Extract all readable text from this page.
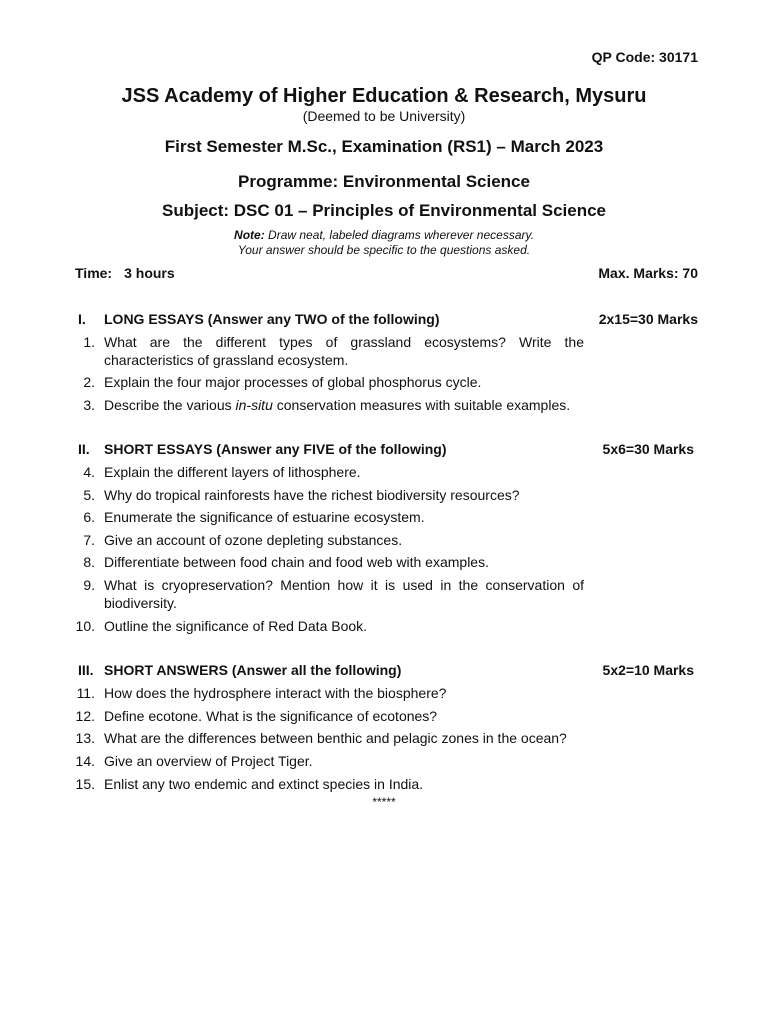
QP Code: 30171
JSS Academy of Higher Education & Research, Mysuru
(Deemed to be University)
First Semester M.Sc., Examination (RS1) – March 2023
Programme: Environmental Science
Subject: DSC 01 – Principles of Environmental Science
Note: Draw neat, labeled diagrams wherever necessary.
Your answer should be specific to the questions asked.
Time: 3 hours	Max. Marks: 70
I. LONG ESSAYS (Answer any TWO of the following)	2x15=30 Marks
1. What are the different types of grassland ecosystems? Write the characteristics of grassland ecosystem.
2. Explain the four major processes of global phosphorus cycle.
3. Describe the various in-situ conservation measures with suitable examples.
II. SHORT ESSAYS (Answer any FIVE of the following)	5x6=30 Marks
4. Explain the different layers of lithosphere.
5. Why do tropical rainforests have the richest biodiversity resources?
6. Enumerate the significance of estuarine ecosystem.
7. Give an account of ozone depleting substances.
8. Differentiate between food chain and food web with examples.
9. What is cryopreservation? Mention how it is used in the conservation of biodiversity.
10. Outline the significance of Red Data Book.
III. SHORT ANSWERS (Answer all the following)	5x2=10 Marks
11. How does the hydrosphere interact with the biosphere?
12. Define ecotone. What is the significance of ecotones?
13. What are the differences between benthic and pelagic zones in the ocean?
14. Give an overview of Project Tiger.
15. Enlist any two endemic and extinct species in India.
*****
